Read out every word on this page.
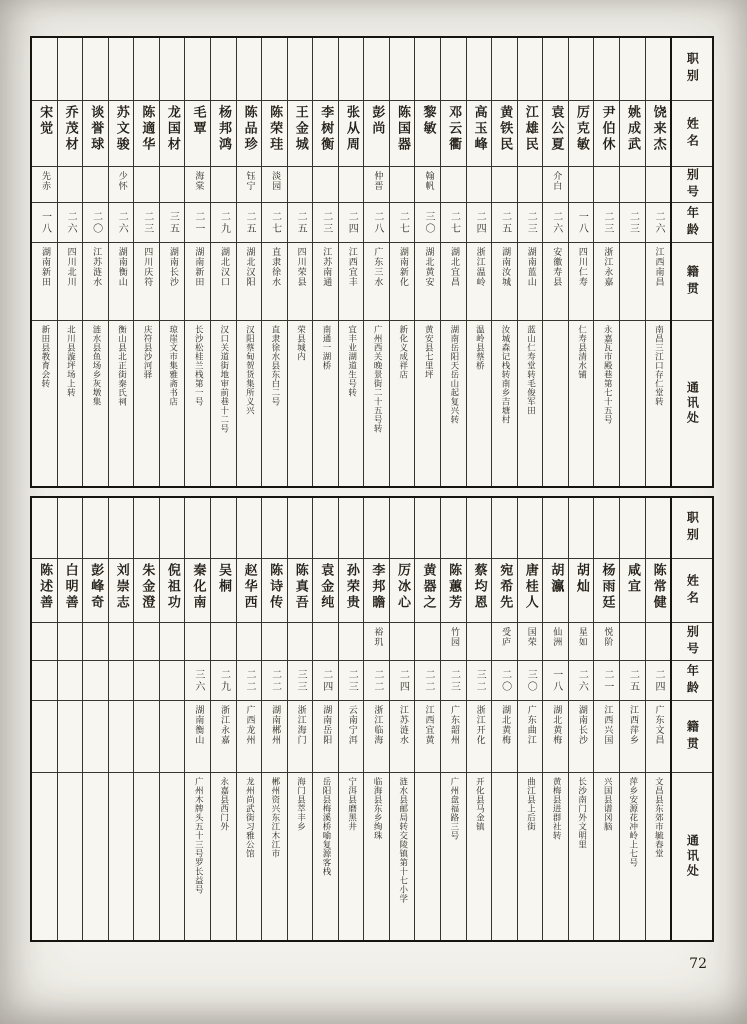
宋觉
先赤
一八
湖南新田
新田县教育会转
乔茂材
二六
四川北川
北川县漩坪场上转
谈誉球
二〇
江苏涟水
涟水县鱼场乡灰墩集
苏文骏
少怀
二六
湖南衡山
衡山县北正街秦氏祠
陈適华
二三
四川庆符
庆符县沙河驿
龙国材
三五
湖南长沙
琼崖文市集雅斋书店
毛覃
海棠
二一
湖南新田
长沙松桂兰栈第一号
杨邦鸿
二九
湖北汉口
汉口关道街地审前巷十二号
陈品珍
钰宁
二五
湖北汉阳
汉阳蔡甸贺货集所义兴
陈荣珪
淡园
二七
直隶徐水
直隶徐水县东白二号
王金城
二五
四川荣县
荣县城内
李树衡
二三
江苏南通
南通一湖桥
张从周
二四
江西宜丰
宜丰业湖道生号转
彭尚
仲晋
二八
广东三水
广州西关晚景街二十五号转
陈国器
二七
湖南新化
新化义成祥店
黎敏
翰帆
三〇
湖北黄安
黄安县七里坪
邓云衢
二七
湖北宜昌
湖南岳阳天岳山起复兴转
高玉峰
二四
浙江温岭
温岭县蔡桥
黄铁民
二五
湖南汝城
汝城森记栈转南乡吉塘村
江雄民
二三
湖南蓝山
蓝山仁寿堂转毛俊军田
袁公夏
介白
二六
安徽寿县
厉克敏
一八
四川仁寿
仁寿县清水铺
尹伯休
二三
浙江永嘉
永嘉瓦市殿巷第七十五号
姚成武
二三
饶来杰
二六
江西南昌
南昌三江口存仁堂转
职别
姓名
别号
年龄
籍贯
通讯处
陈述善 白明善 彭峰奇 刘崇志 朱金澄 倪祖功 秦化南
三六
湖南衡山
广州木牌头五十三号罗长益号
吴桐
二九
浙江永嘉
永嘉县西门外
赵华西
二二
广西龙州
龙州尚武街习雅公馆
陈诗传
二二
湖南郴州
郴州资兴东江木江市
陈真吾
三三
浙江海门
海门县萃丰乡
袁金纯
二四
湖南岳阳
岳阳县梅溪桥喻复源客栈
孙荣贵
二三
云南宁洱
宁洱县磨黑井
李邦瞻
裕玑
二二
浙江临海
临海县东乡绚珠
厉冰心
二四
江苏涟水
涟水县邮局转交陵镇第十七小学
黄器之
二二
江西宜黄
陈蕙芳
竹园
二三
广东韶州
广州盘福路三号
蔡均恩
三二
浙江开化
开化县马金镇
宛希先
受庐
二〇
湖北黄梅
唐桂人
国荣
三〇
广东曲江
曲江县上后街
胡瀛
仙洲
一八
湖北黄梅
黄梅县进群社转
胡灿
星如
二六
湖南长沙
长沙南门外文明里
杨雨廷
悦阶
二一
江西兴国
兴国县谱冈脑
咸宜
二五
江西萍乡
萍乡安源花冲岭上七号
陈常健
二四
广东文昌
文昌县东郊市毓春堂
职别
姓名
别号
年龄
籍贯
通讯处
72
